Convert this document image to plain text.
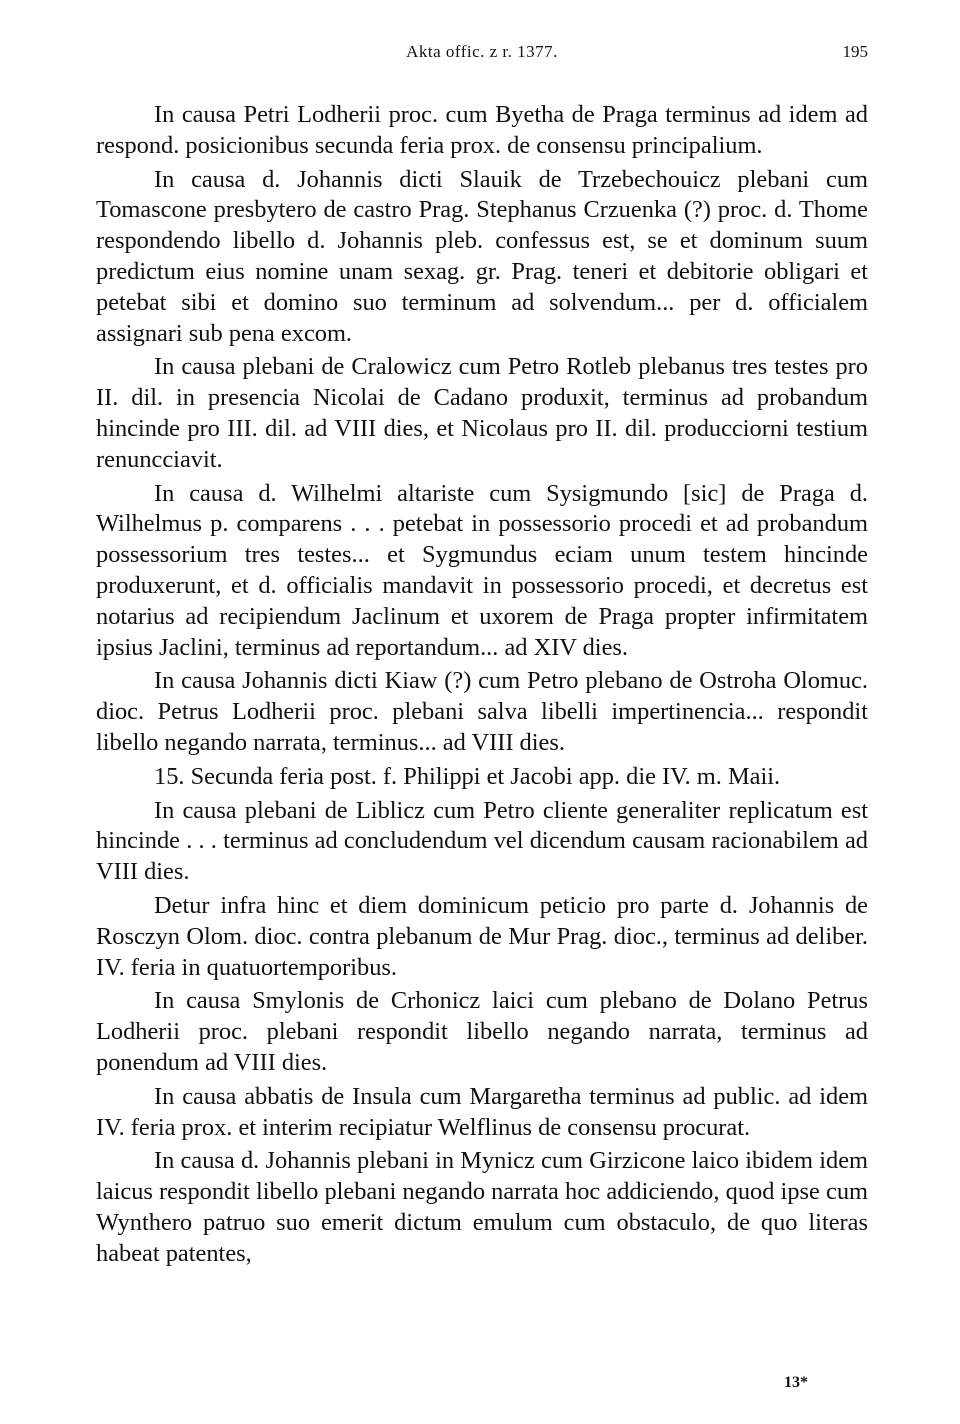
Akta offic. z r. 1377.	195

In causa Petri Lodherii proc. cum Byetha de Praga terminus ad idem ad respond. posicionibus secunda feria prox. de consensu principalium.

In causa d. Johannis dicti Slauik de Trzebechouicz plebani cum Tomascone presbytero de castro Prag. Stephanus Crzuenka (?) proc. d. Thome respondendo libello d. Johannis pleb. confessus est, se et dominum suum predictum eius nomine unam sexag. gr. Prag. teneri et debitorie obligari et petebat sibi et domino suo terminum ad solvendum... per d. officialem assignari sub pena excom.

In causa plebani de Cralowicz cum Petro Rotleb plebanus tres testes pro II. dil. in presencia Nicolai de Cadano produxit, terminus ad probandum hincinde pro III. dil. ad VIII dies, et Nicolaus pro II. dil. producciorni testium renuncciavit.

In causa d. Wilhelmi altariste cum Sysigmundo [sic] de Praga d. Wilhelmus p. comparens . . . petebat in possessorio procedi et ad probandum possessorium tres testes... et Sygmundus eciam unum testem hincinde produxerunt, et d. officialis mandavit in possessorio procedi, et decretus est notarius ad recipiendum Jaclinum et uxorem de Praga propter infirmitatem ipsius Jaclini, terminus ad reportandum... ad XIV dies.

In causa Johannis dicti Kiaw (?) cum Petro plebano de Ostroha Olomuc. dioc. Petrus Lodherii proc. plebani salva libelli impertinencia... respondit libello negando narrata, terminus... ad VIII dies.

15. Secunda feria post. f. Philippi et Jacobi app. die IV. m. Maii.

In causa plebani de Liblicz cum Petro cliente generaliter replicatum est hincinde . . . terminus ad concludendum vel dicendum causam racionabilem ad VIII dies.

Detur infra hinc et diem dominicum peticio pro parte d. Johannis de Rosczyn Olom. dioc. contra plebanum de Mur Prag. dioc., terminus ad deliber. IV. feria in quatuortemporibus.

In causa Smylonis de Crhonicz laici cum plebano de Dolano Petrus Lodherii proc. plebani respondit libello negando narrata, terminus ad ponendum ad VIII dies.

In causa abbatis de Insula cum Margaretha terminus ad public. ad idem IV. feria prox. et interim recipiatur Welflinus de consensu procurat.

In causa d. Johannis plebani in Mynicz cum Girzicone laico ibidem idem laicus respondit libello plebani negando narrata hoc addiciendo, quod ipse cum Wynthero patruo suo emerit dictum emulum cum obstaculo, de quo literas habeat patentes,

13*
